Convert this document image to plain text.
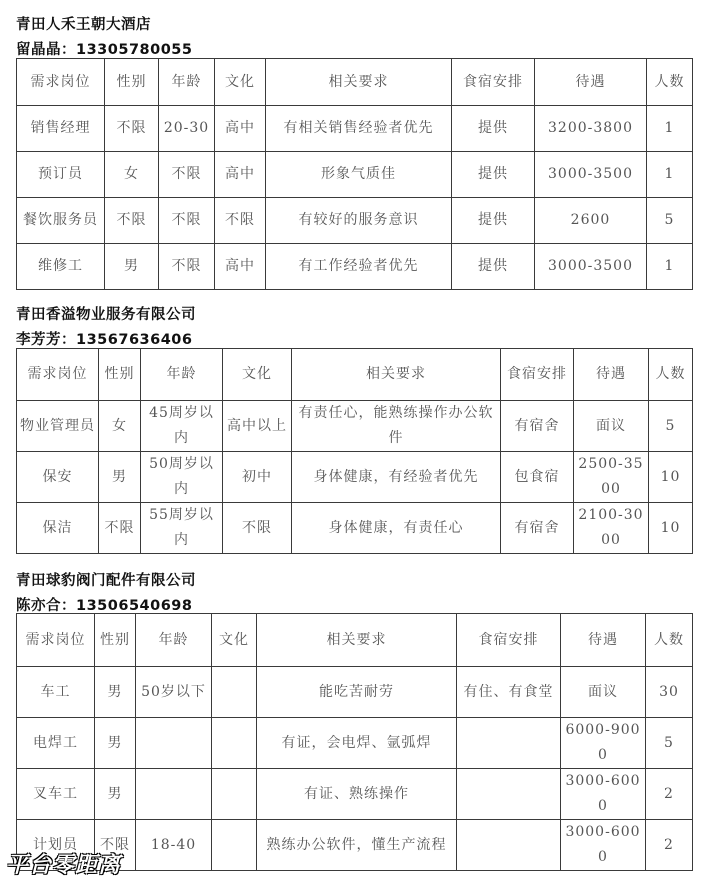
青田人禾王朝大酒店
留晶晶：13305780055
需求岗位	性别	年龄	文化	相关要求	食宿安排	待遇	人数
销售经理	不限	20-30	高中	有相关销售经验者优先	提供	3200-3800	1
预订员	女	不限	高中	形象气质佳	提供	3000-3500	1
餐饮服务员	不限	不限	不限	有较好的服务意识	提供	2600	5
维修工	男	不限	高中	有工作经验者优先	提供	3000-3500	1
青田香溢物业服务有限公司
李芳芳：13567636406
需求岗位	性别	年龄	文化	相关要求	食宿安排	待遇	人数
物业管理员	女	45周岁以内	高中以上	有责任心，能熟练操作办公软件	有宿舍	面议	5
保安	男	50周岁以内	初中	身体健康，有经验者优先	包食宿	2500-3500	10
保洁	不限	55周岁以内	不限	身体健康，有责任心	有宿舍	2100-3000	10
青田球豹阀门配件有限公司
陈亦合：13506540698
需求岗位	性别	年龄	文化	相关要求	食宿安排	待遇	人数
车工	男	50岁以下		能吃苦耐劳	有住、有食堂	面议	30
电焊工	男			有证，会电焊、氩弧焊		6000-9000	5
叉车工	男			有证、熟练操作		3000-6000	2
计划员	不限	18-40		熟练办公软件，懂生产流程		3000-6000	2
平台零距离
